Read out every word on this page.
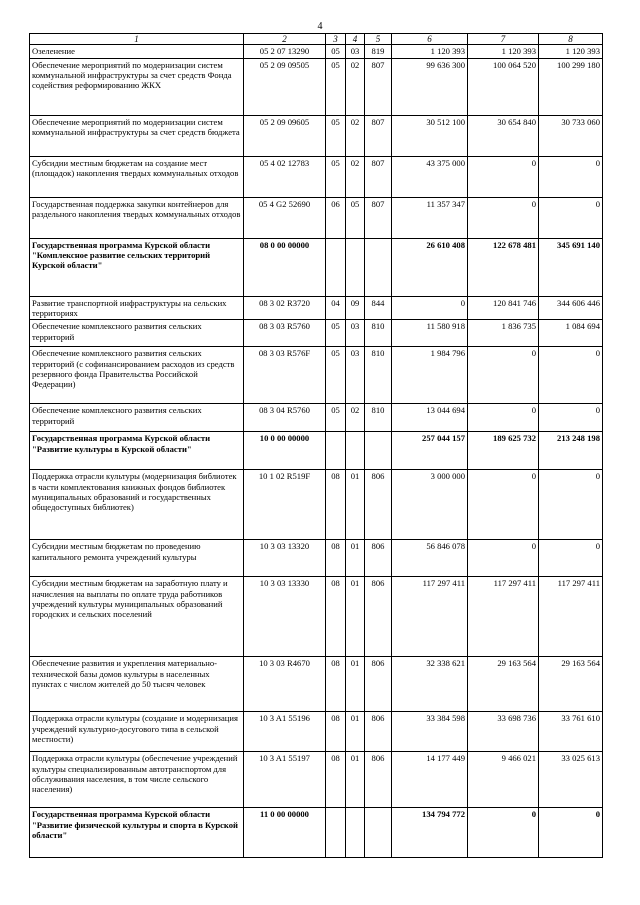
4
1	2	3	4	5	6	7	8
Озеленение	05 2 07 13290	05	03	819	1 120 393	1 120 393	1 120 393
Обеспечение мероприятий по модернизации систем коммунальной инфраструктуры за счет средств Фонда содействия реформированию ЖКХ	05 2 09 09505	05	02	807	99 636 300	100 064 520	100 299 180
Обеспечение мероприятий по модернизации систем коммунальной инфраструктуры за счет средств бюджета	05 2 09 09605	05	02	807	30 512 100	30 654 840	30 733 060
Субсидии местным бюджетам на создание мест (площадок) накопления твердых коммунальных отходов	05 4 02 12783	05	02	807	43 375 000	0	0
Государственная поддержка закупки контейнеров для раздельного накопления твердых коммунальных отходов	05 4 G2 52690	06	05	807	11 357 347	0	0
Государственная программа Курской области "Комплексное развитие сельских территорий Курской области"	08 0 00 00000				26 610 408	122 678 481	345 691 140
Развитие транспортной инфраструктуры на сельских территориях	08 3 02 R3720	04	09	844	0	120 841 746	344 606 446
Обеспечение комплексного развития сельских территорий	08 3 03 R5760	05	03	810	11 580 918	1 836 735	1 084 694
Обеспечение комплексного развития сельских территорий (с софинансированием расходов из средств резервного фонда Правительства Российской Федерации)	08 3 03 R576F	05	03	810	1 984 796	0	0
Обеспечение комплексного развития сельских территорий	08 3 04 R5760	05	02	810	13 044 694	0	0
Государственная программа Курской области "Развитие культуры в Курской области"	10 0 00 00000				257 044 157	189 625 732	213 248 198
Поддержка отрасли культуры (модернизация библиотек в части комплектования книжных фондов библиотек муниципальных образований и государственных общедоступных библиотек)	10 1 02 R519F	08	01	806	3 000 000	0	0
Субсидии местным бюджетам по проведению капитального ремонта учреждений культуры	10 3 03 13320	08	01	806	56 846 078	0	0
Субсидии местным бюджетам на заработную плату и начисления на выплаты по оплате труда работников учреждений культуры муниципальных образований городских и сельских поселений	10 3 03 13330	08	01	806	117 297 411	117 297 411	117 297 411
Обеспечение развития и укрепления материально-технической базы домов культуры в населенных пунктах с числом жителей до 50 тысяч человек	10 3 03 R4670	08	01	806	32 338 621	29 163 564	29 163 564
Поддержка отрасли культуры (создание и модернизация учреждений культурно-досугового типа в сельской местности)	10 3 A1 55196	08	01	806	33 384 598	33 698 736	33 761 610
Поддержка отрасли культуры (обеспечение учреждений культуры специализированным автотранспортом для обслуживания населения, в том числе сельского населения)	10 3 A1 55197	08	01	806	14 177 449	9 466 021	33 025 613
Государственная программа Курской области "Развитие физической культуры и спорта в Курской области"	11 0 00 00000				134 794 772	0	0
